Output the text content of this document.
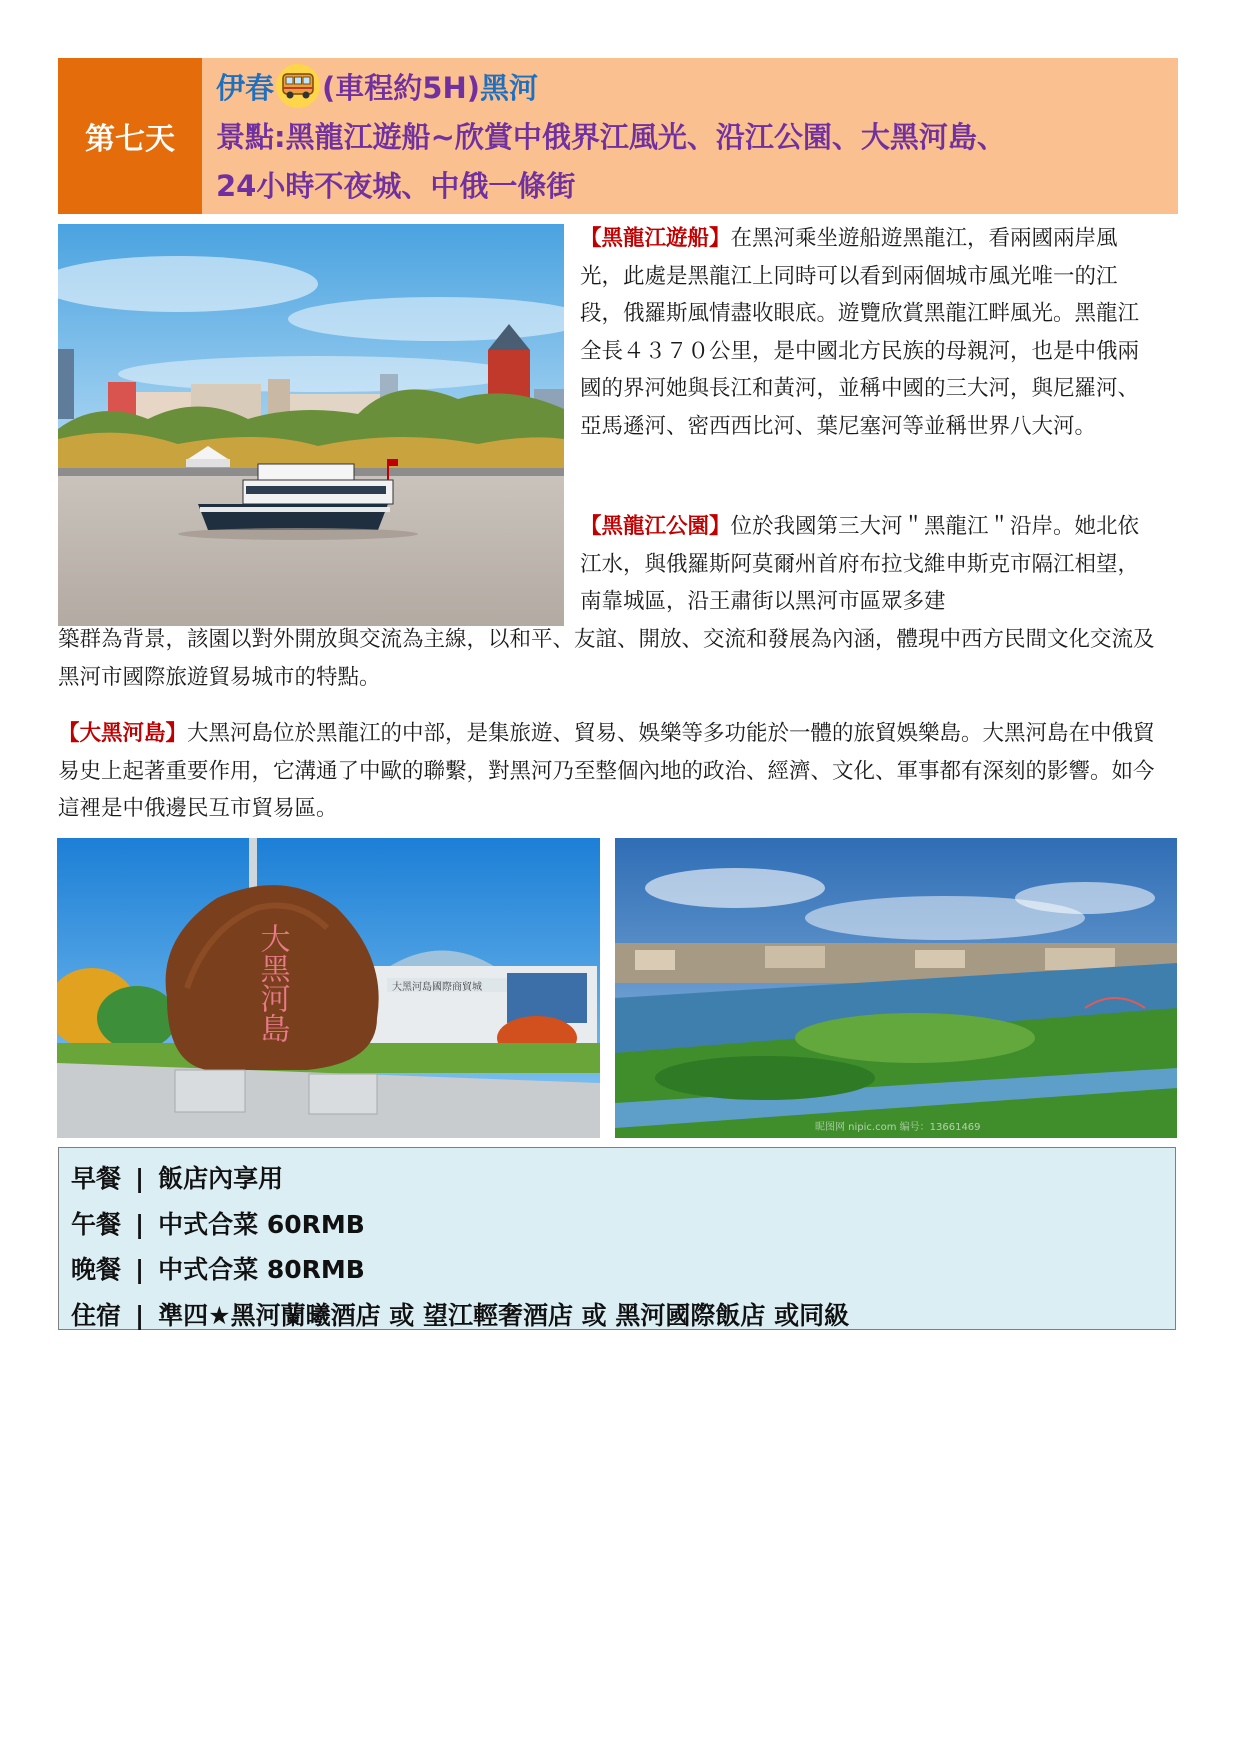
第七天
伊春 (車程約5H)黑河
景點:黑龍江遊船~欣賞中俄界江風光、沿江公園、大黑河島、
24小時不夜城、中俄一條街
【黑龍江遊船】在黑河乘坐遊船遊黑龍江，看兩國兩岸風光，此處是黑龍江上同時可以看到兩個城市風光唯一的江段，俄羅斯風情盡收眼底。遊覽欣賞黑龍江畔風光。黑龍江全長４３７０公里，是中國北方民族的母親河，也是中俄兩國的界河她與長江和黃河，並稱中國的三大河，與尼羅河、亞馬遜河、密西西比河、葉尼塞河等並稱世界八大河。
【黑龍江公園】位於我國第三大河＂黑龍江＂沿岸。她北依江水，與俄羅斯阿莫爾州首府布拉戈維申斯克市隔江相望，南靠城區，沿王肅街以黑河市區眾多建
築群為背景，該園以對外開放與交流為主線，以和平、友誼、開放、交流和發展為內涵，體現中西方民間文化交流及黑河市國際旅遊貿易城市的特點。
【大黑河島】大黑河島位於黑龍江的中部，是集旅遊、貿易、娛樂等多功能於一體的旅貿娛樂島。大黑河島在中俄貿易史上起著重要作用，它溝通了中歐的聯繫，對黑河乃至整個內地的政治、經濟、文化、軍事都有深刻的影響。如今這裡是中俄邊民互市貿易區。
大黑河島國際商貿城
大黑河島
昵图网 nipic.com 编号：13661469
早餐 | 飯店內享用
午餐 | 中式合菜 60RMB
晚餐 | 中式合菜 80RMB
住宿 | 準四★黑河蘭曦酒店 或 望江輕奢酒店 或 黑河國際飯店 或同級
